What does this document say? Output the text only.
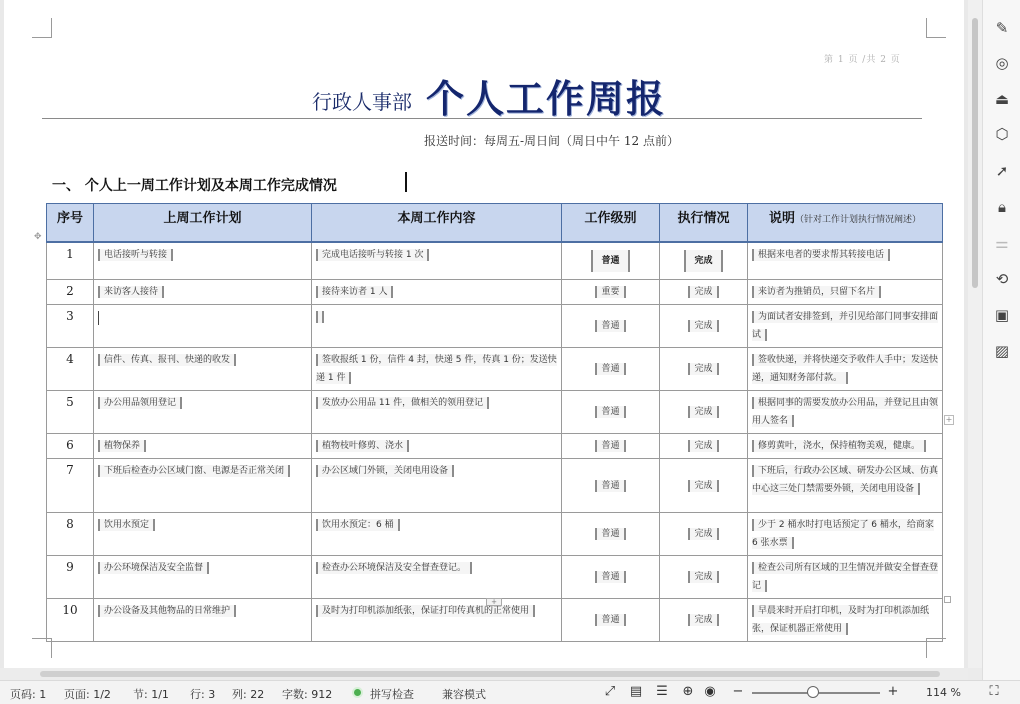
第 1 页 /共 2 页
行政人事部 个人工作周报
报送时间：每周五-周日间（周日中午 12 点前）
一、 个人上一周工作计划及本周工作完成情况
✥
序号	上周工作计划	本周工作内容	工作级别	执行情况	说明（针对工作计划执行情况阐述）
1	电话接听与转接	完成电话接听与转接 1 次	普通	完成	根据来电者的要求帮其转接电话
2	来访客人接待	接待来访者 1 人	重要	完成	来访者为推销员，只留下名片
3			普通	完成	为面试者安排签到，并引见给部门同事安排面试
4	信件、传真、报刊、快递的收发	签收报纸 1 份，信件 4 封，快递 5 件，传真 1 份；发送快递 1 件	普通	完成	签收快递，并将快递交予收件人手中；发送快递，通知财务部付款。
5	办公用品领用登记	发放办公用品 11 件，做相关的领用登记	普通	完成	根据同事的需要发放办公用品，并登记且由领用人签名
6	植物保养	植物枝叶修剪、浇水	普通	完成	修剪黄叶，浇水，保持植物美观，健康。
7	下班后检查办公区域门窗、电源是否正常关闭	办公区域门外锁，关闭电用设备	普通	完成	下班后，行政办公区域、研发办公区域、仿真中心这三处门禁需要外锁，关闭电用设备
8	饮用水预定	饮用水预定：6 桶	普通	完成	少于 2 桶水时打电话预定了 6 桶水，给商家 6 张水票
9	办公环境保洁及安全监督	检查办公环境保洁及安全督查登记。	普通	完成	检查公司所有区域的卫生情况并做安全督查登记
10	办公设备及其他物品的日常维护	及时为打印机添加纸张，保证打印传真机的正常使用	普通	完成	早晨来时开启打印机，及时为打印机添加纸张，保证机器正常使用
+
+
✎
◎
⏏
⬡
➚
🔒︎
⚌
⟲
▣
▨
页码: 1 页面: 1/2 节: 1/1 行: 3 列: 22 字数: 912	拼写检查	兼容模式	⤢ ▤ ☰ ⊕ ◉ −	+	114 % ⛶
